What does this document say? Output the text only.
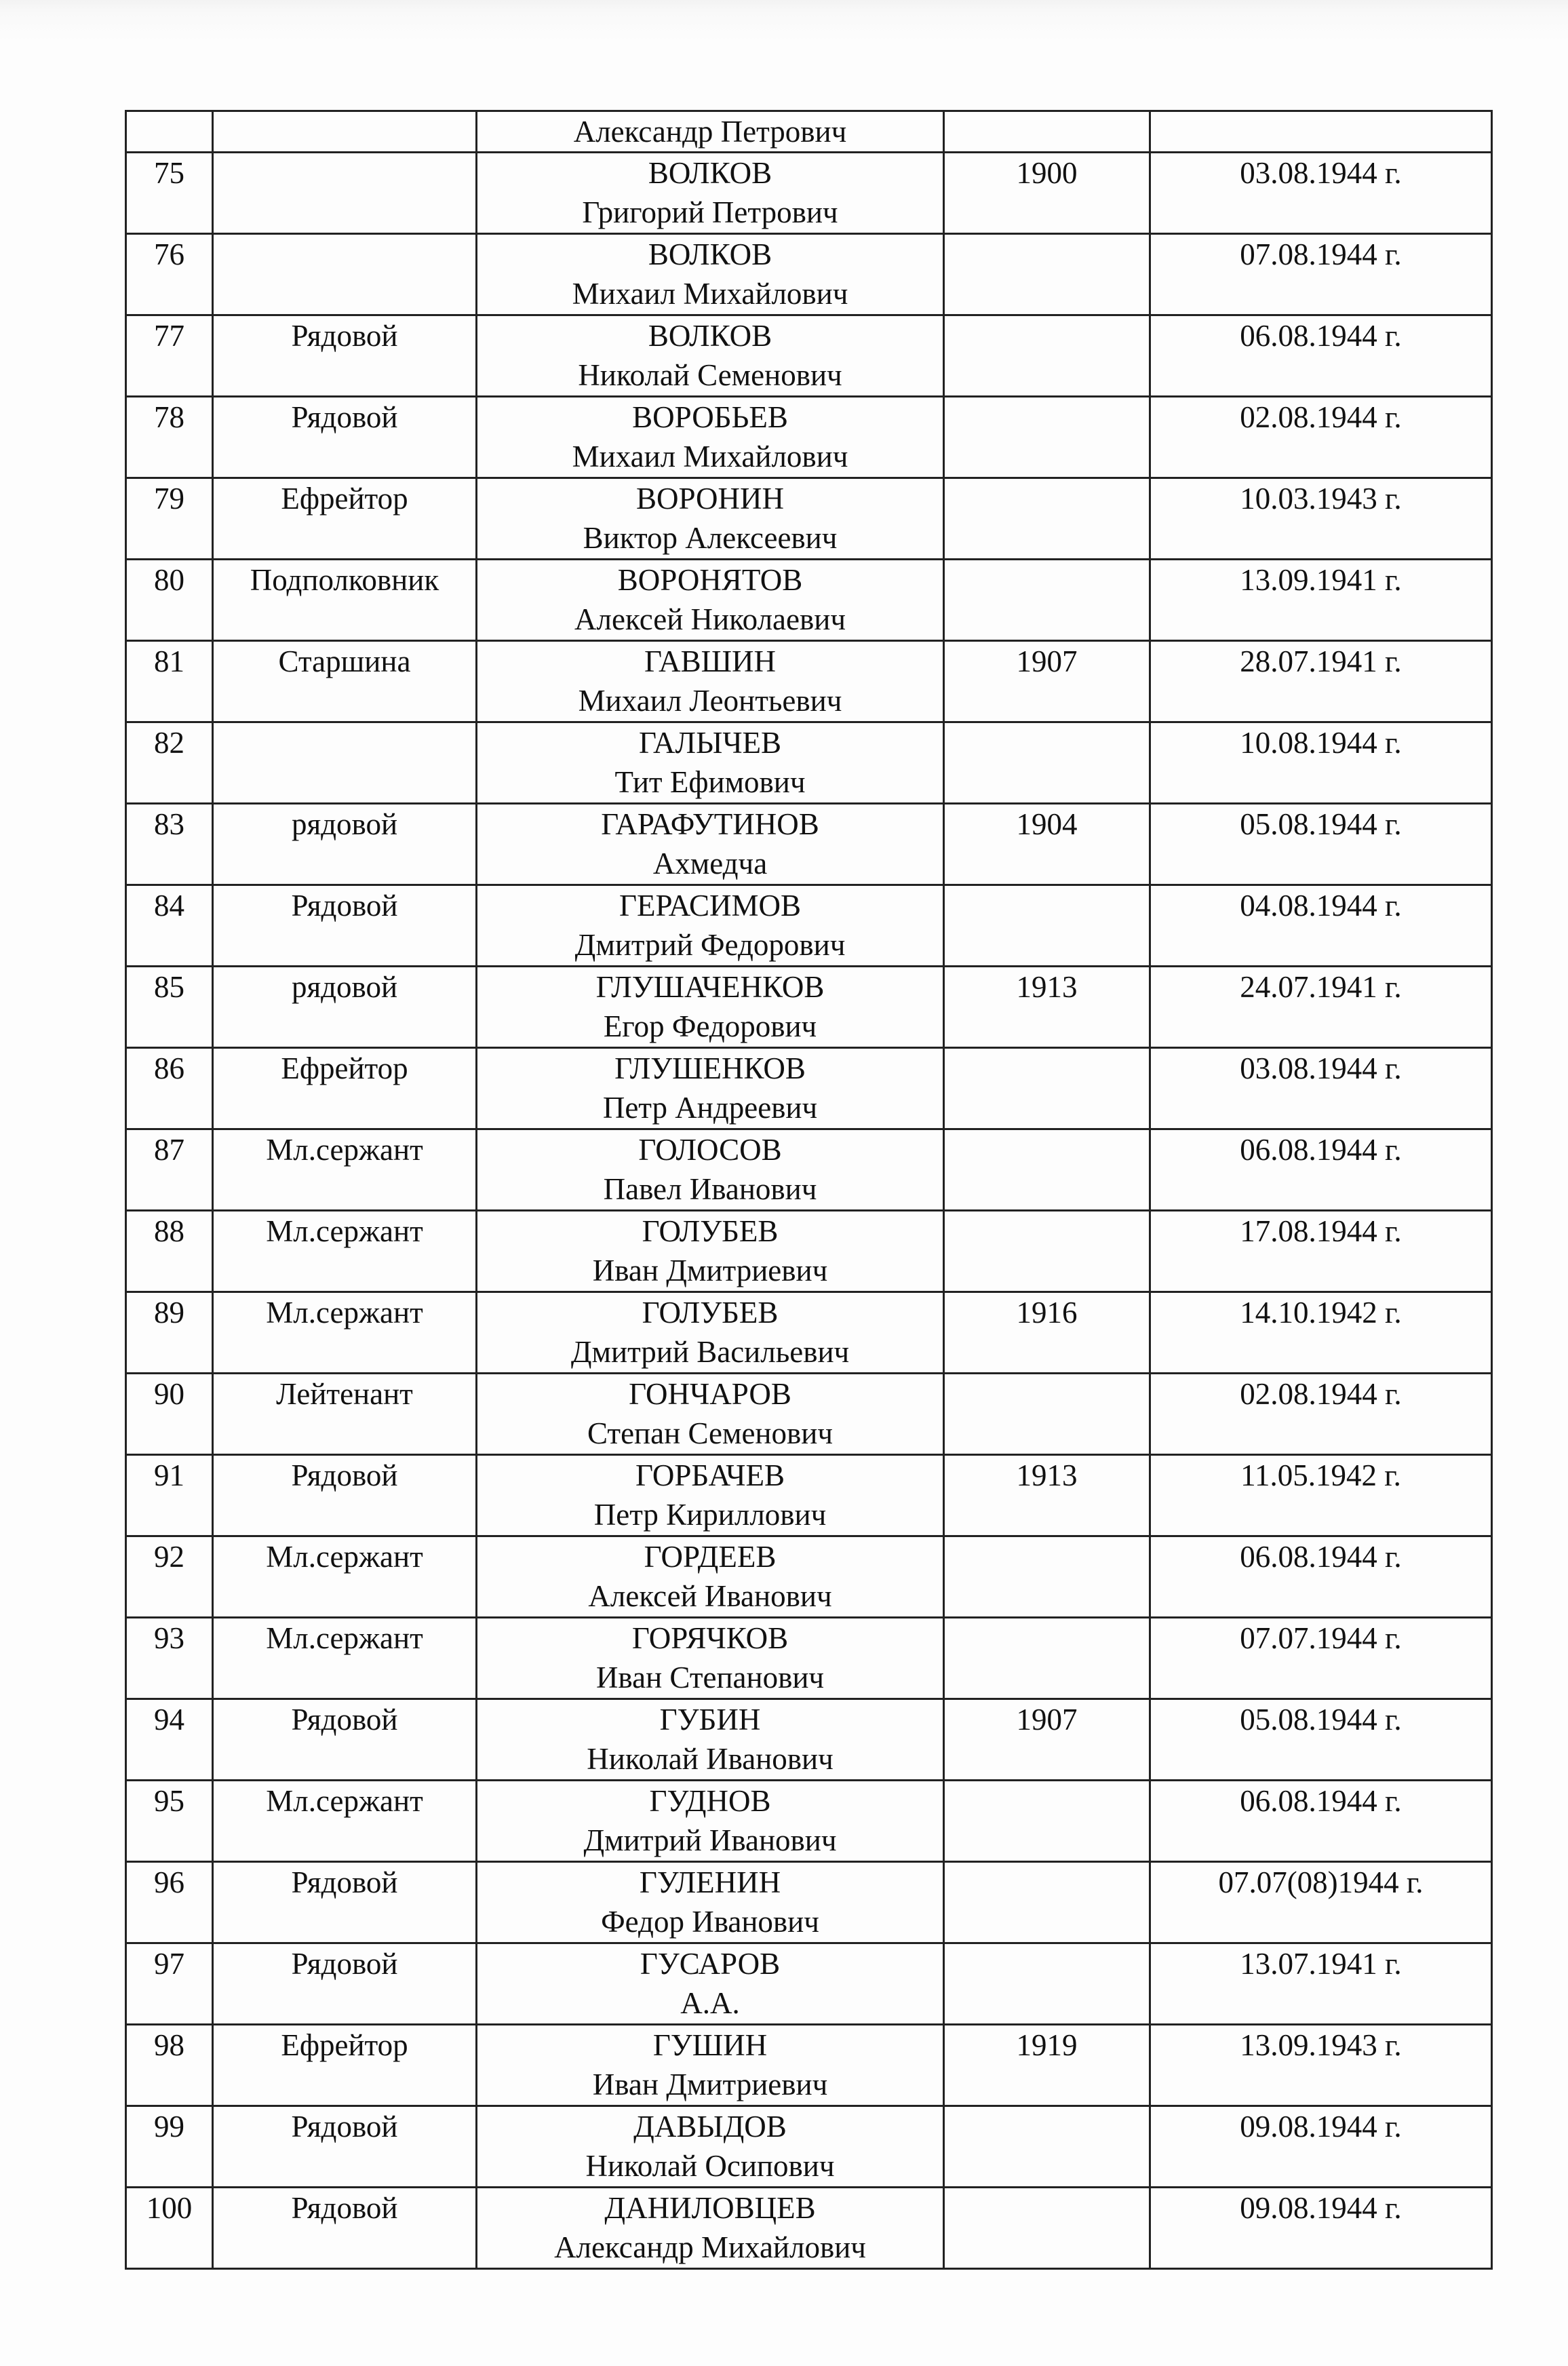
		Александр Петрович		

75		ВОЛКОВ
Григорий Петрович	1900	03.08.1944 г.

76		ВОЛКОВ
Михаил Михайлович		07.08.1944 г.

77	Рядовой	ВОЛКОВ
Николай Семенович		06.08.1944 г.

78	Рядовой	ВОРОБЬЕВ
Михаил Михайлович		02.08.1944 г.

79	Ефрейтор	ВОРОНИН
Виктор Алексеевич		10.03.1943 г.

80	Подполковник	ВОРОНЯТОВ
Алексей Николаевич		13.09.1941 г.

81	Старшина	ГАВШИН
Михаил Леонтьевич	1907	28.07.1941 г.

82		ГАЛЫЧЕВ
Тит Ефимович		10.08.1944 г.

83	рядовой	ГАРАФУТИНОВ
Ахмедча	1904	05.08.1944 г.

84	Рядовой	ГЕРАСИМОВ
Дмитрий Федорович		04.08.1944 г.

85	рядовой	ГЛУШАЧЕНКОВ
Егор Федорович	1913	24.07.1941 г.

86	Ефрейтор	ГЛУШЕНКОВ
Петр Андреевич		03.08.1944 г.

87	Мл.сержант	ГОЛОСОВ
Павел Иванович		06.08.1944 г.

88	Мл.сержант	ГОЛУБЕВ
Иван Дмитриевич		17.08.1944 г.

89	Мл.сержант	ГОЛУБЕВ
Дмитрий Васильевич	1916	14.10.1942 г.

90	Лейтенант	ГОНЧАРОВ
Степан Семенович		02.08.1944 г.

91	Рядовой	ГОРБАЧЕВ
Петр Кириллович	1913	11.05.1942 г.

92	Мл.сержант	ГОРДЕЕВ
Алексей Иванович		06.08.1944 г.

93	Мл.сержант	ГОРЯЧКОВ
Иван Степанович		07.07.1944 г.

94	Рядовой	ГУБИН
Николай Иванович	1907	05.08.1944 г.

95	Мл.сержант	ГУДНОВ
Дмитрий Иванович		06.08.1944 г.

96	Рядовой	ГУЛЕНИН
Федор Иванович		07.07(08)1944 г.

97	Рядовой	ГУСАРОВ
А.А.		13.07.1941 г.

98	Ефрейтор	ГУШИН
Иван Дмитриевич	1919	13.09.1943 г.

99	Рядовой	ДАВЫДОВ
Николай Осипович		09.08.1944 г.

100	Рядовой	ДАНИЛОВЦЕВ
Александр Михайлович		09.08.1944 г.
